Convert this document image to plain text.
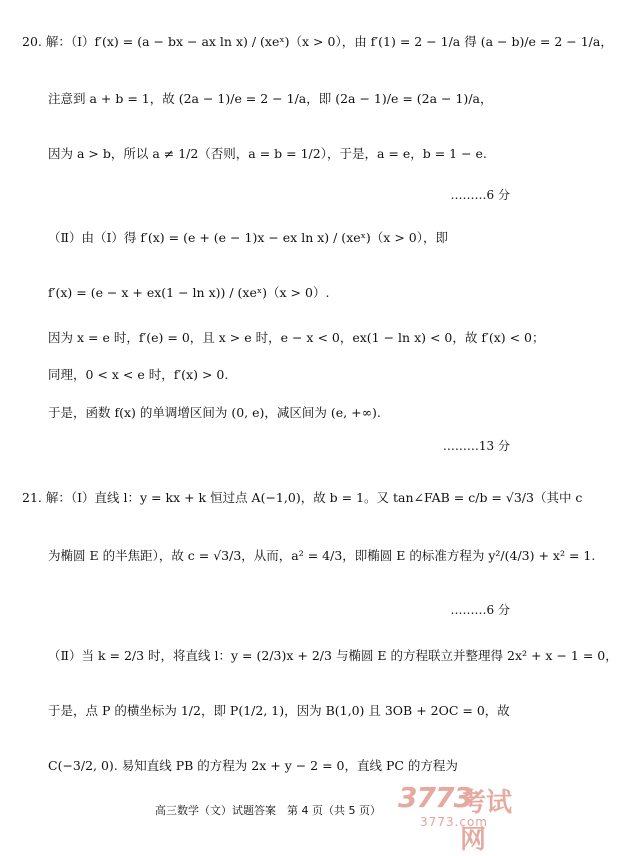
20. 解：（Ⅰ）f′(x) = (a − bx − ax ln x) / (xeˣ)（x > 0），由 f′(1) = 2 − 1/a 得 (a − b)/e = 2 − 1/a，
注意到 a + b = 1，故 (2a − 1)/e = 2 − 1/a，即 (2a − 1)/e = (2a − 1)/a，
因为 a > b，所以 a ≠ 1/2（否则，a = b = 1/2），于是，a = e，b = 1 − e.
（Ⅱ）由（Ⅰ）得 f′(x) = (e + (e − 1)x − ex ln x) / (xeˣ)（x > 0），即
f′(x) = (e − x + ex(1 − ln x)) / (xeˣ)（x > 0）.
因为 x = e 时，f′(e) = 0，且 x > e 时，e − x < 0，ex(1 − ln x) < 0，故 f′(x) < 0；
同理，0 < x < e 时，f′(x) > 0.
于是，函数 f(x) 的单调增区间为 (0, e)，减区间为 (e, +∞).
21. 解：（Ⅰ）直线 l：y = kx + k 恒过点 A(−1,0)，故 b = 1。又 tan∠FAB = c/b = √3/3（其中 c
为椭圆 E 的半焦距），故 c = √3/3，从而，a² = 4/3，即椭圆 E 的标准方程为 y²/(4/3) + x² = 1.
（Ⅱ）当 k = 2/3 时，将直线 l：y = (2/3)x + 2/3 与椭圆 E 的方程联立并整理得 2x² + x − 1 = 0，
于是，点 P 的横坐标为 1/2，即 P(1/2, 1)，因为 B(1,0) 且 3OB + 2OC = 0，故
C(−3/2, 0). 易知直线 PB 的方程为 2x + y − 2 = 0，直线 PC 的方程为
………6 分
………13 分
………6 分
高三数学（文）试题答案　第 4 页（共 5 页） 3773
考试网
3773.com
